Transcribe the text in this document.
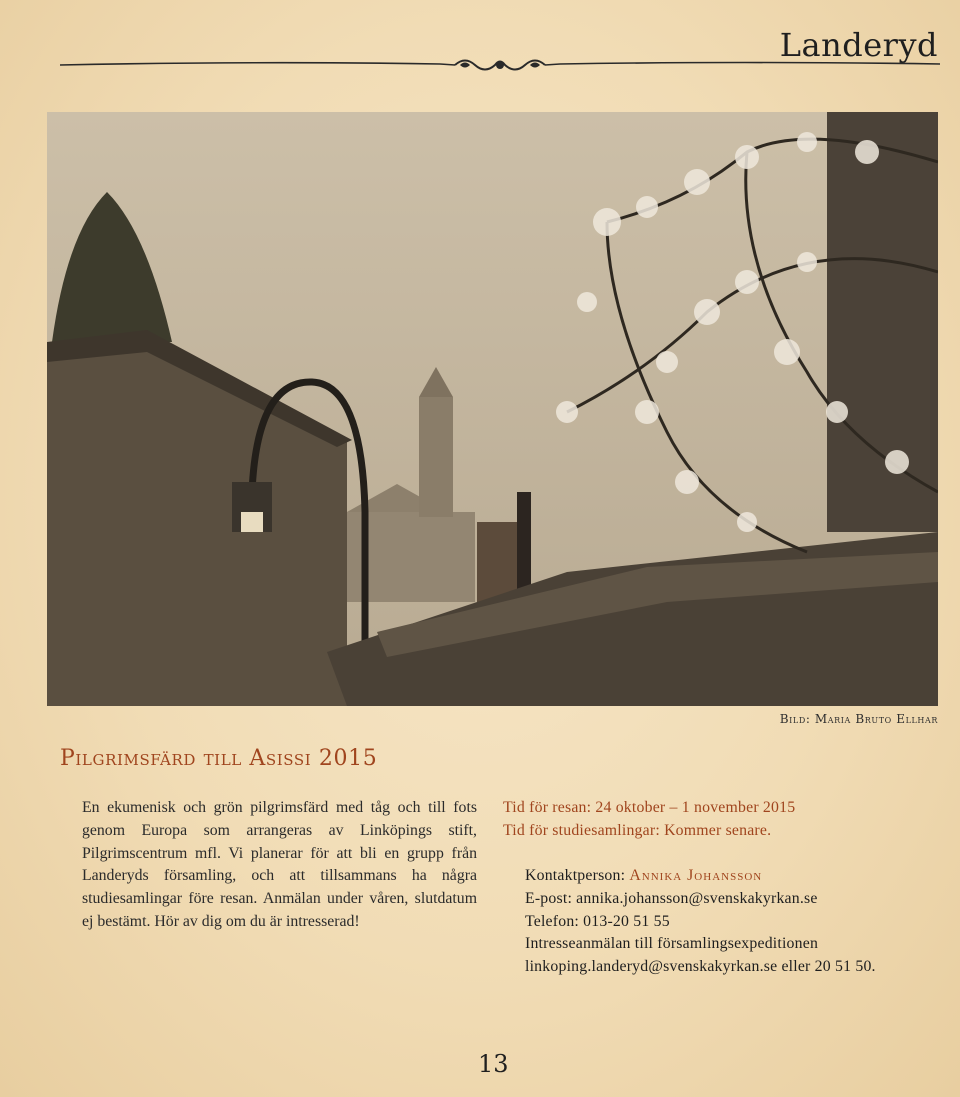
Landeryd
Bild: Maria Bruto Ellhar
Pilgrimsfärd till Asissi 2015
En ekumenisk och grön pilgrimsfärd med tåg och till fots genom Europa som arrangeras av Linköpings stift, Pilgrimscentrum mfl. Vi planerar för att bli en grupp från Landeryds församling, och att tillsammans ha några studiesamlingar före resan. Anmälan under våren, slutdatum ej bestämt. Hör av dig om du är intresserad!
Tid för resan: 24 oktober – 1 november 2015
Tid för studiesamlingar: Kommer senare.
Kontaktperson: Annika Johansson
E-post: annika.johansson@svenskakyrkan.se
Telefon: 013-20 51 55
Intresseanmälan till församlingsexpeditionen
linkoping.landeryd@svenskakyrkan.se eller 20 51 50.
13
